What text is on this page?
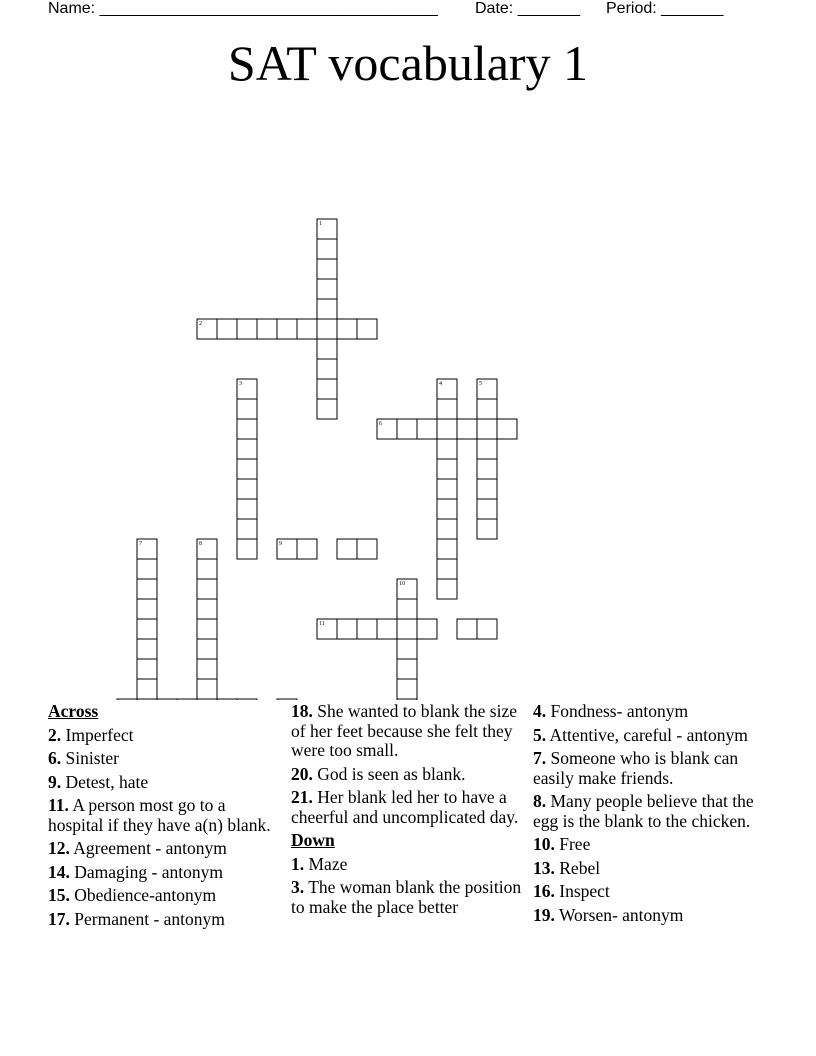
Name: ______________________________________ Date: _______ Period: _______
SAT vocabulary 1
1
2
3	4	5
6
7	8	9
10
11
Across
2. Imperfect
6. Sinister
9. Detest, hate
11. A person most go to a hospital if they have a(n) blank.
12. Agreement - antonym
14. Damaging - antonym
15. Obedience-antonym
17. Permanent - antonym
18. She wanted to blank the size of her feet because she felt they were too small.
20. God is seen as blank.
21. Her blank led her to have a cheerful and uncomplicated day.
Down
1. Maze
3. The woman blank the position to make the place better
4. Fondness- antonym
5. Attentive, careful - antonym
7. Someone who is blank can easily make friends.
8. Many people believe that the egg is the blank to the chicken.
10. Free
13. Rebel
16. Inspect
19. Worsen- antonym
